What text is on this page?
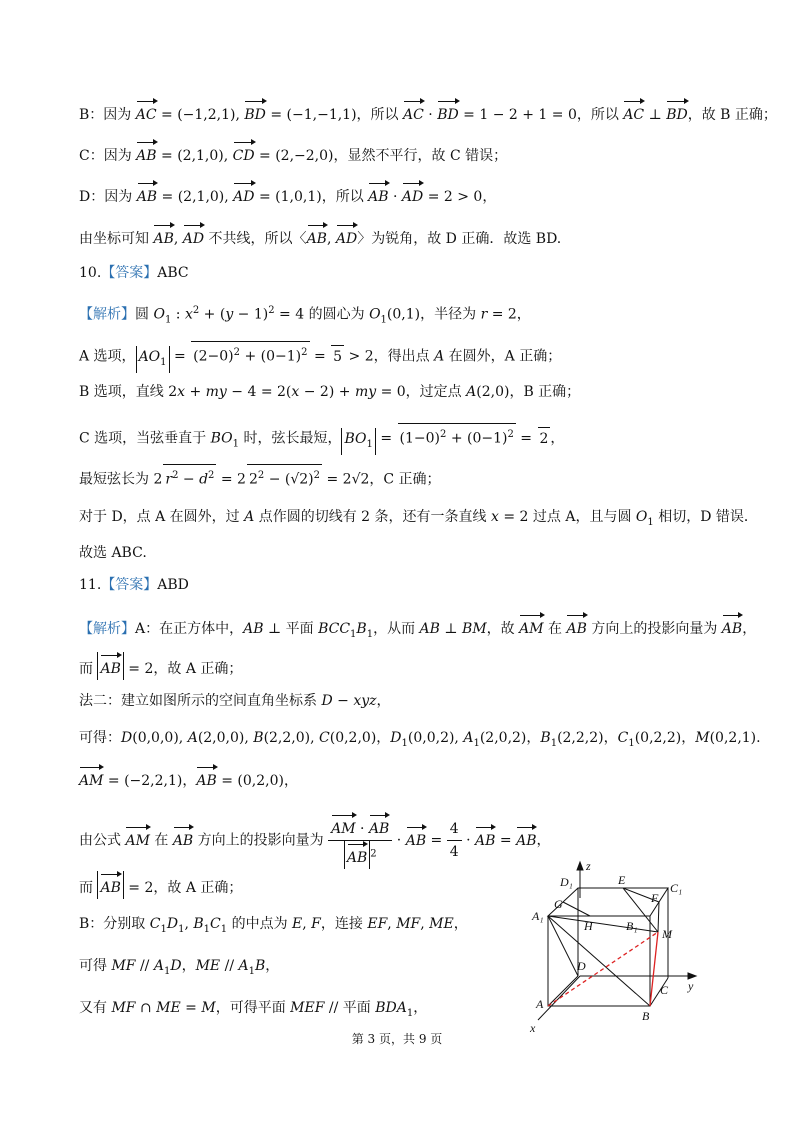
B：因为 AC = (−1,2,1), BD = (−1,−1,1)，所以 AC · BD = 1 − 2 + 1 = 0，所以 AC ⊥ BD，故 B 正确；
C：因为 AB = (2,1,0), CD = (2,−2,0)，显然不平行，故 C 错误；
D：因为 AB = (2,1,0), AD = (1,0,1)，所以 AB · AD = 2 > 0，
由坐标可知 AB, AD 不共线，所以〈AB, AD〉为锐角，故 D 正确．故选 BD.
10.【答案】ABC
【解析】圆 $O_1$ : $x^2 + (y - 1)^2 = 4$ 的圆心为 $O_1(0,1)$，半径为 r = 2，
A 选项， $AO_1 = (2-0)^2 + (0-1)^2 = 5 > 2$，得出点 A 在圆外，A 正确；
B 选项，直线 2x + my − 4 = 2(x − 2) + my = 0，过定点 A(2,0)，B 正确；
C 选项，当弦垂直于 $BO_1$ 时，弦长最短， $BO_1 = (1-0)^2 + (0-1)^2 = 2$ ，
最短弦长为 2 $r^2 - d^2 = 2$ $2^2 - (√2)^2 = 2√2$，C 正确；
对于 D，点 A 在圆外，过 A 点作圆的切线有 2 条，还有一条直线 x = 2 过点 A，且与圆 $O_1$ 相切，D 错误．
故选 ABC.
11.【答案】ABD
【解析】A：在正方体中，AB ⊥ 平面 $BCC_1B_1$，从而 AB ⊥ BM，故 AM 在 AB 方向上的投影向量为 AB，
而 AB = 2，故 A 正确；
法二：建立如图所示的空间直角坐标系 D − xyz，
可得：D(0,0,0), A(2,0,0), B(2,2,0), C(0,2,0)，$D_1(0,0,2)$, $A_1(2,0,2)$，$B_1(2,2,2)$，$C_1(0,2,2)$，M(0,2,1).
AM = (−2,2,1)，AB = (0,2,0)，
由公式 AM 在 AB 方向上的投影向量为 $\frac{AM \cdot AB}{AB ^2}$ · AB = $\frac{4}{4}$ · AB = AB，
而 AB = 2，故 A 正确；
B：分别取 $C_1D_1$, $B_1C_1$ 的中点为 E, F，连接 EF, MF, ME，
可得 MF // $A_1D$，ME // $A_1B$，
又有 MF ∩ ME = M，可得平面 MEF // 平面 $BDA_1$，
z
D₁	E
C₁
F
G
A₁
H	B₁
M
D
y
A
C
B
x
第 3 页，共 9 页
